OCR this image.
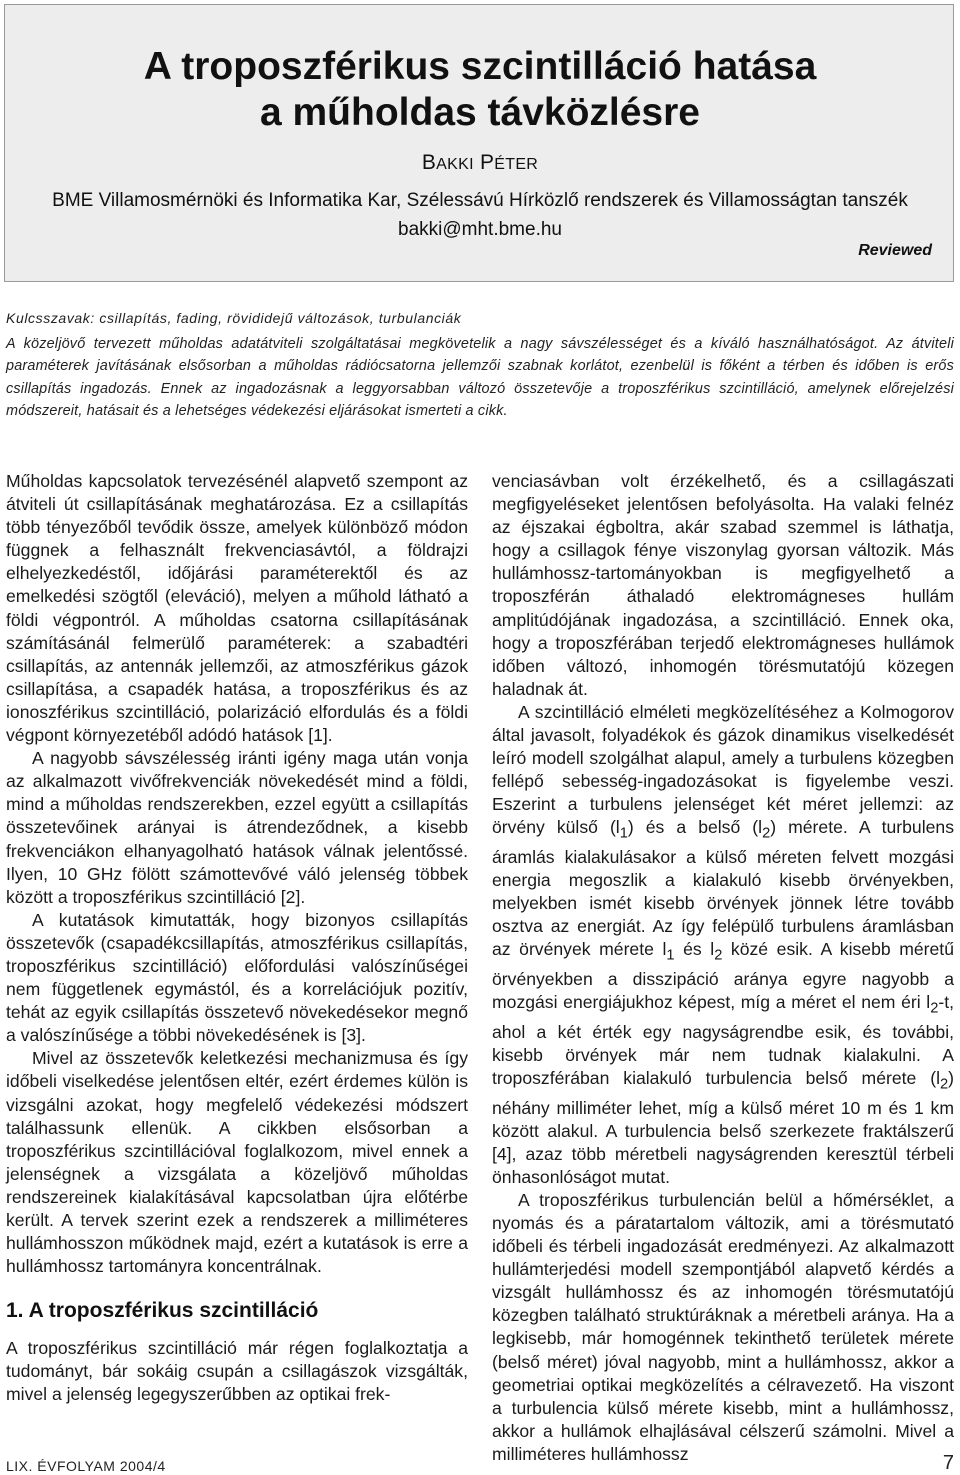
A troposzférikus szcintilláció hatása
a műholdas távközlésre
BAKKI PÉTER
BME Villamosmérnöki és Informatika Kar, Szélessávú Hírközlő rendszerek és Villamosságtan tanszék
bakki@mht.bme.hu
Reviewed
Kulcsszavak: csillapítás, fading, rövididejű változások, turbulanciák
A közeljövő tervezett műholdas adatátviteli szolgáltatásai megkövetelik a nagy sávszélességet és a kíváló használhatóságot. Az átviteli paraméterek javításának elsősorban a műholdas rádiócsatorna jellemzői szabnak korlátot, ezenbelül is főként a térben és időben is erős csillapítás ingadozás. Ennek az ingadozásnak a leggyorsabban változó összetevője a troposzférikus szcintilláció, amelynek előrejelzési módszereit, hatásait és a lehetséges védekezési eljárásokat ismerteti a cikk.

Műholdas kapcsolatok tervezésénél alapvető szempont az átviteli út csillapításának meghatározása. Ez a csillapítás több tényezőből tevődik össze, amelyek különböző módon függnek a felhasznált frekvenciasávtól, a földrajzi elhelyezkedéstől, időjárási paraméterektől és az emelkedési szögtől (eleváció), melyen a műhold látható a földi végpontról. A műholdas csatorna csillapításának számításánál felmerülő paraméterek: a szabadtéri csillapítás, az antennák jellemzői, az atmoszférikus gázok csillapítása, a csapadék hatása, a troposzférikus és az ionoszférikus szcintilláció, polarizáció elfordulás és a földi végpont környezetéből adódó hatások [1].

A nagyobb sávszélesség iránti igény maga után vonja az alkalmazott vivőfrekvenciák növekedését mind a földi, mind a műholdas rendszerekben, ezzel együtt a csillapítás összetevőinek arányai is átrendeződnek, a kisebb frekvenciákon elhanyagolható hatások válnak jelentőssé. Ilyen, 10 GHz fölött számottevővé váló jelenség többek között a troposzférikus szcintilláció [2].

A kutatások kimutatták, hogy bizonyos csillapítás összetevők (csapadékcsillapítás, atmoszférikus csillapítás, troposzférikus szcintilláció) előfordulási valószínűségei nem függetlenek egymástól, és a korrelációjuk pozitív, tehát az egyik csillapítás összetevő növekedésekor megnő a valószínűsége a többi növekedésének is [3].

Mivel az összetevők keletkezési mechanizmusa és így időbeli viselkedése jelentősen eltér, ezért érdemes külön is vizsgálni azokat, hogy megfelelő védekezési módszert találhassunk ellenük. A cikkben elsősorban a troposzférikus szcintillációval foglalkozom, mivel ennek a jelenségnek a vizsgálata a közeljövő műholdas rendszereinek kialakításával kapcsolatban újra előtérbe került. A tervek szerint ezek a rendszerek a milliméteres hullámhosszon működnek majd, ezért a kutatások is erre a hullámhossz tartományra koncentrálnak.

1. A troposzférikus szcintilláció

A troposzférikus szcintilláció már régen foglalkoztatja a tudományt, bár sokáig csupán a csillagászok vizsgálták, mivel a jelenség legegyszerűbben az optikai frek-

venciasávban volt érzékelhető, és a csillagászati megfigyeléseket jelentősen befolyásolta. Ha valaki felnéz az éjszakai égboltra, akár szabad szemmel is láthatja, hogy a csillagok fénye viszonylag gyorsan változik. Más hullámhossz-tartományokban is megfigyelhető a troposzférán áthaladó elektromágneses hullám amplitúdójának ingadozása, a szcintilláció. Ennek oka, hogy a troposzférában terjedő elektromágneses hullámok időben változó, inhomogén törésmutatójú közegen haladnak át.

A szcintilláció elméleti megközelítéséhez a Kolmogorov által javasolt, folyadékok és gázok dinamikus viselkedését leíró modell szolgálhat alapul, amely a turbulens közegben fellépő sebesség-ingadozásokat is figyelembe veszi. Eszerint a turbulens jelenséget két méret jellemzi: az örvény külső $(l_1)$ és a belső $(l_2)$ mérete. A turbulens áramlás kialakulásakor a külső méreten felvett mozgási energia megoszlik a kialakuló kisebb örvényekben, melyekben ismét kisebb örvények jönnek létre tovább osztva az energiát. Az így felépülő turbulens áramlásban az örvények mérete $l_1$ és $l_2$ közé esik. A kisebb méretű örvényekben a disszipáció aránya egyre nagyobb a mozgási energiájukhoz képest, míg a méret el nem éri $l_2-t$, ahol a két érték egy nagyságrendbe esik, és további, kisebb örvények már nem tudnak kialakulni. A troposzférában kialakuló turbulencia belső mérete $(l_2)$ néhány milliméter lehet, míg a külső méret 10 m és 1 km között alakul. A turbulencia belső szerkezete fraktálszerű [4], azaz több méretbeli nagyságrenden keresztül térbeli önhasonlóságot mutat.

A troposzférikus turbulencián belül a hőmérséklet, a nyomás és a páratartalom változik, ami a törésmutató időbeli és térbeli ingadozását eredményezi. Az alkalmazott hullámterjedési modell szempontjából alapvető kérdés a vizsgált hullámhossz és az inhomogén törésmutatójú közegben található struktúráknak a méretbeli aránya. Ha a legkisebb, már homogénnek tekinthető területek mérete (belső méret) jóval nagyobb, mint a hullámhossz, akkor a geometriai optikai megközelítés a célravezető. Ha viszont a turbulencia külső mérete kisebb, mint a hullámhossz, akkor a hullámok elhajlásával célszerű számolni. Mivel a milliméteres hullámhossz

LIX. ÉVFOLYAM 2004/4	7
